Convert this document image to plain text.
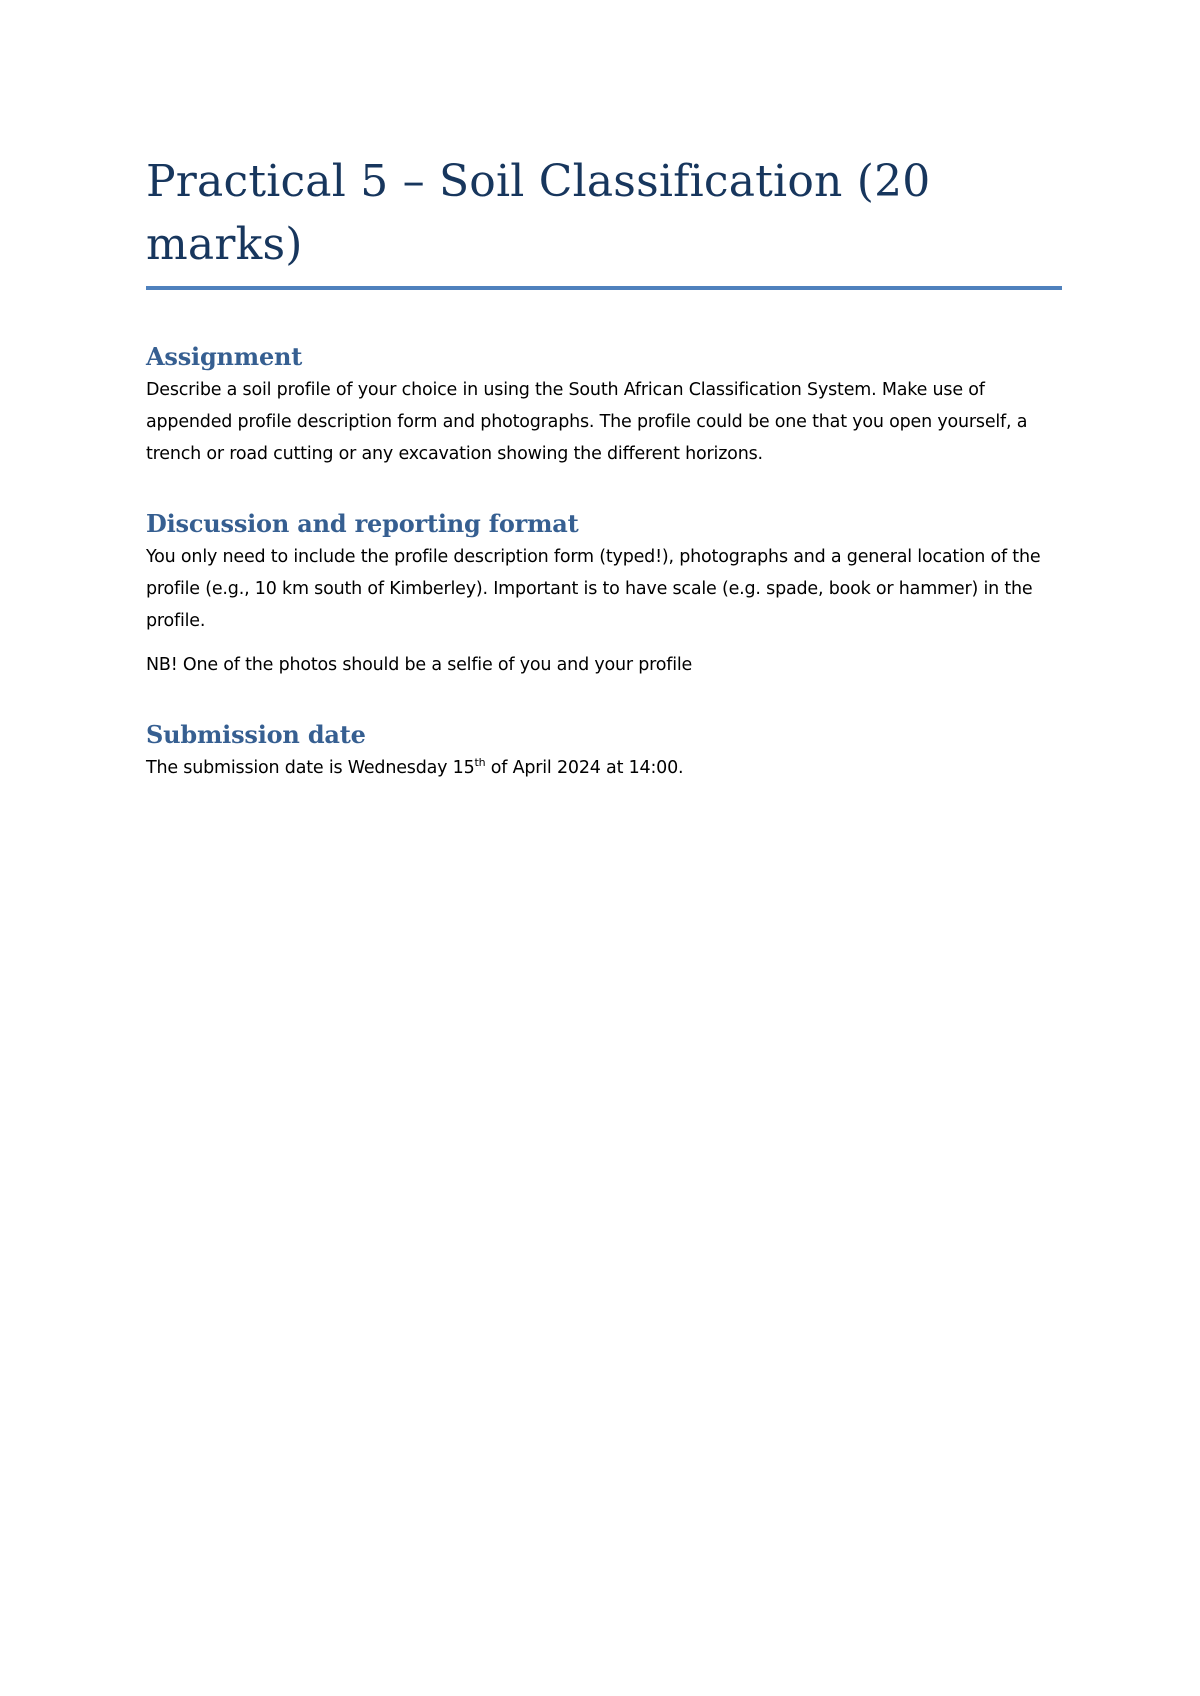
Practical 5 – Soil Classification (20 marks)
Assignment

Describe a soil profile of your choice in using the South African Classification System. Make use of appended profile description form and photographs. The profile could be one that you open yourself, a trench or road cutting or any excavation showing the different horizons.

Discussion and reporting format

You only need to include the profile description form (typed!), photographs and a general location of the profile (e.g., 10 km south of Kimberley). Important is to have scale (e.g. spade, book or hammer) in the profile.

NB! One of the photos should be a selfie of you and your profile

Submission date

The submission date is Wednesday 15th of April 2024 at 14:00.
